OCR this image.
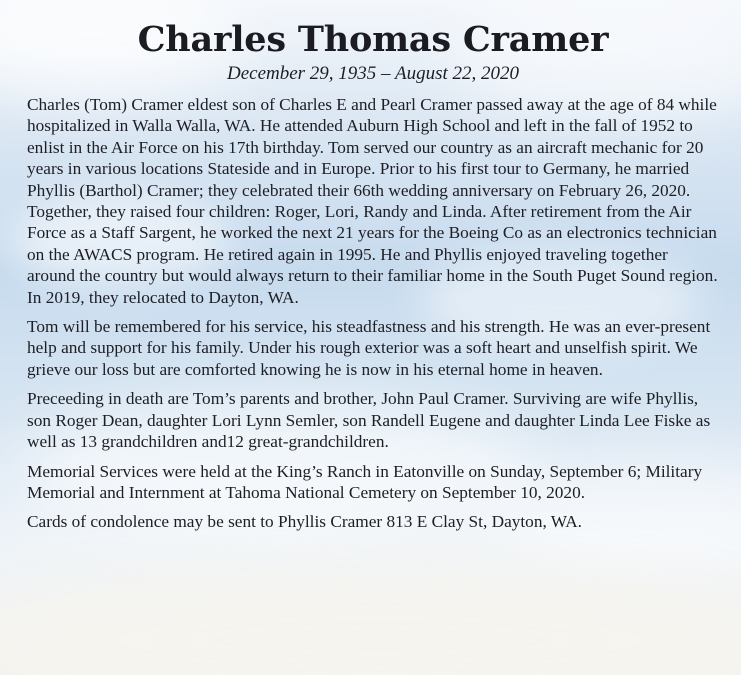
Charles Thomas Cramer

December 29, 1935 – August 22, 2020

Charles (Tom) Cramer eldest son of Charles E and Pearl Cramer passed away at the age of 84 while hospitalized in Walla Walla, WA. He attended Auburn High School and left in the fall of 1952 to enlist in the Air Force on his 17th birthday. Tom served our country as an aircraft mechanic for 20 years in various locations Stateside and in Europe. Prior to his first tour to Germany, he married Phyllis (Barthol) Cramer; they celebrated their 66th wedding anniversary on February 26, 2020. Together, they raised four children: Roger, Lori, Randy and Linda. After retirement from the Air Force as a Staff Sargent, he worked the next 21 years for the Boeing Co as an electronics technician on the AWACS program. He retired again in 1995. He and Phyllis enjoyed traveling together around the country but would always return to their familiar home in the South Puget Sound region. In 2019, they relocated to Dayton, WA.

Tom will be remembered for his service, his steadfastness and his strength. He was an ever-present help and support for his family. Under his rough exterior was a soft heart and unselfish spirit. We grieve our loss but are comforted knowing he is now in his eternal home in heaven.

Preceeding in death are Tom’s parents and brother, John Paul Cramer. Surviving are wife Phyllis, son Roger Dean, daughter Lori Lynn Semler, son Randell Eugene and daughter Linda Lee Fiske as well as 13 grandchildren and12 great-grandchildren.

Memorial Services were held at the King’s Ranch in Eatonville on Sunday, September 6; Military Memorial and Internment at Tahoma National Cemetery on September 10, 2020.

Cards of condolence may be sent to Phyllis Cramer 813 E Clay St, Dayton, WA.
